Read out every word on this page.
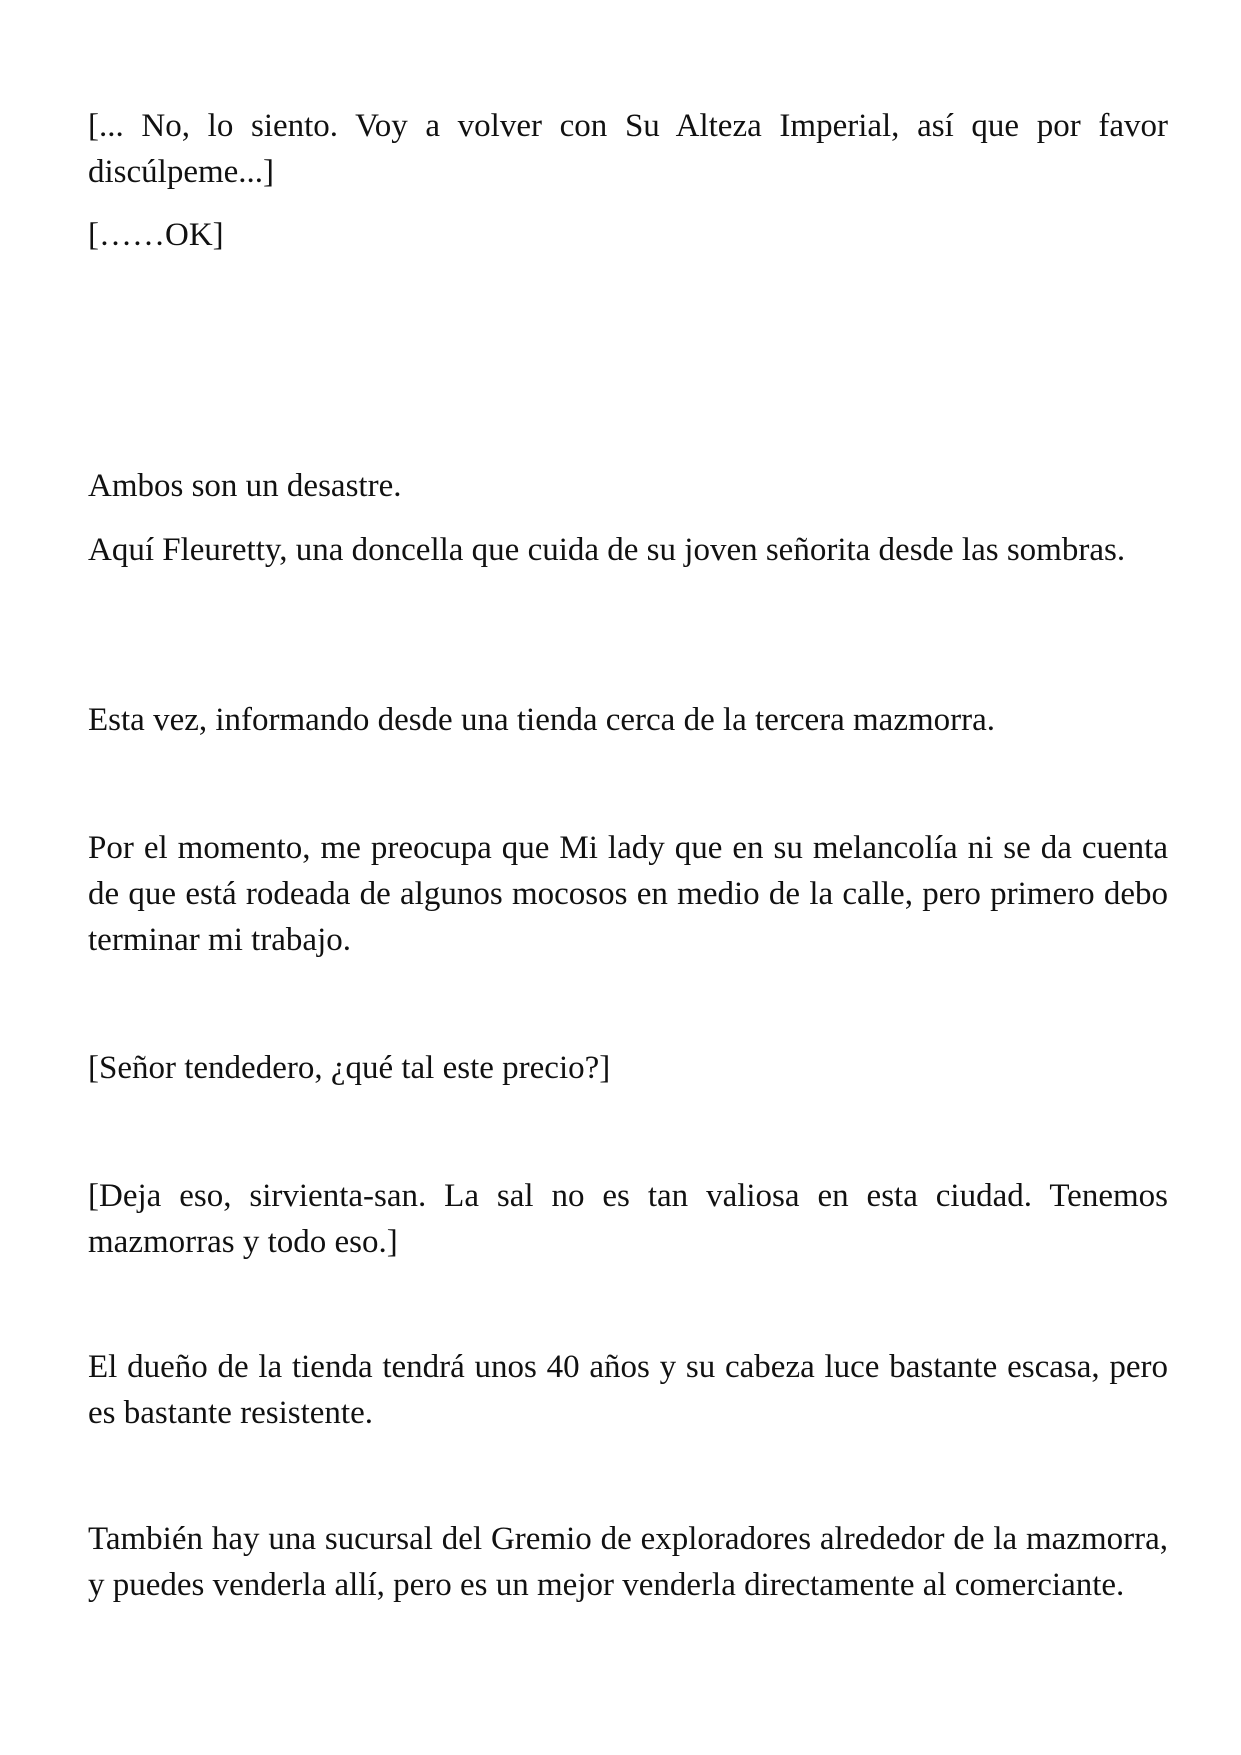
[... No, lo siento. Voy a volver con Su Alteza Imperial, así que por favor discúlpeme...]

[……OK]

Ambos son un desastre.

Aquí Fleuretty, una doncella que cuida de su joven señorita desde las sombras.

Esta vez, informando desde una tienda cerca de la tercera mazmorra.

Por el momento, me preocupa que Mi lady que en su melancolía ni se da cuenta de que está rodeada de algunos mocosos en medio de la calle, pero primero debo terminar mi trabajo.

[Señor tendedero, ¿qué tal este precio?]

[Deja eso, sirvienta-san. La sal no es tan valiosa en esta ciudad. Tenemos mazmorras y todo eso.]

El dueño de la tienda tendrá unos 40 años y su cabeza luce bastante escasa, pero es bastante resistente.

También hay una sucursal del Gremio de exploradores alrededor de la mazmorra, y puedes venderla allí, pero es un mejor venderla directamente al comerciante.
